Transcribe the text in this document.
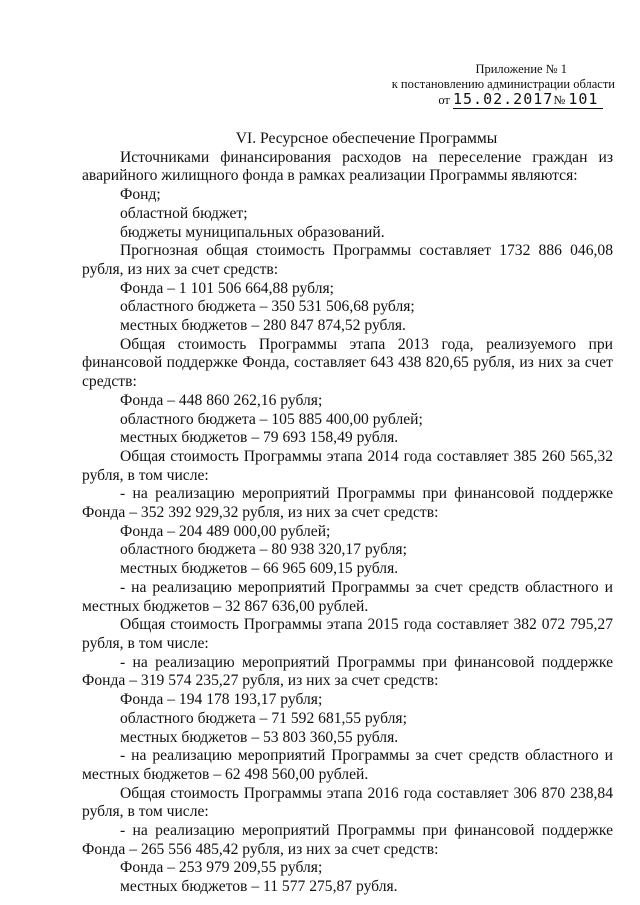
Приложение № 1
к постановлению администрации области
от 15.02.2017№ 101

VI. Ресурсное обеспечение Программы

Источниками финансирования расходов на переселение граждан из аварийного жилищного фонда в рамках реализации Программы являются:

Фонд;

областной бюджет;

бюджеты муниципальных образований.

Прогнозная общая стоимость Программы составляет 1732 886 046,08 рубля, из них за счет средств:

Фонда – 1 101 506 664,88 рубля;

областного бюджета – 350 531 506,68 рубля;

местных бюджетов – 280 847 874,52 рубля.

Общая стоимость Программы этапа 2013 года, реализуемого при финансовой поддержке Фонда, составляет 643 438 820,65 рубля, из них за счет средств:

Фонда – 448 860 262,16 рубля;

областного бюджета – 105 885 400,00 рублей;

местных бюджетов – 79 693 158,49 рубля.

Общая стоимость Программы этапа 2014 года составляет 385 260 565,32 рубля, в том числе:

- на реализацию мероприятий Программы при финансовой поддержке Фонда – 352 392 929,32 рубля, из них за счет средств:

Фонда – 204 489 000,00 рублей;

областного бюджета – 80 938 320,17 рубля;

местных бюджетов – 66 965 609,15 рубля.

- на реализацию мероприятий Программы за счет средств областного и местных бюджетов – 32 867 636,00 рублей.

Общая стоимость Программы этапа 2015 года составляет 382 072 795,27 рубля, в том числе:

- на реализацию мероприятий Программы при финансовой поддержке Фонда – 319 574 235,27 рубля, из них за счет средств:

Фонда – 194 178 193,17 рубля;

областного бюджета – 71 592 681,55 рубля;

местных бюджетов – 53 803 360,55 рубля.

- на реализацию мероприятий Программы за счет средств областного и местных бюджетов – 62 498 560,00 рублей.

Общая стоимость Программы этапа 2016 года составляет 306 870 238,84 рубля, в том числе:

- на реализацию мероприятий Программы при финансовой поддержке Фонда – 265 556 485,42 рубля, из них за счет средств:

Фонда – 253 979 209,55 рубля;

местных бюджетов – 11 577 275,87 рубля.
